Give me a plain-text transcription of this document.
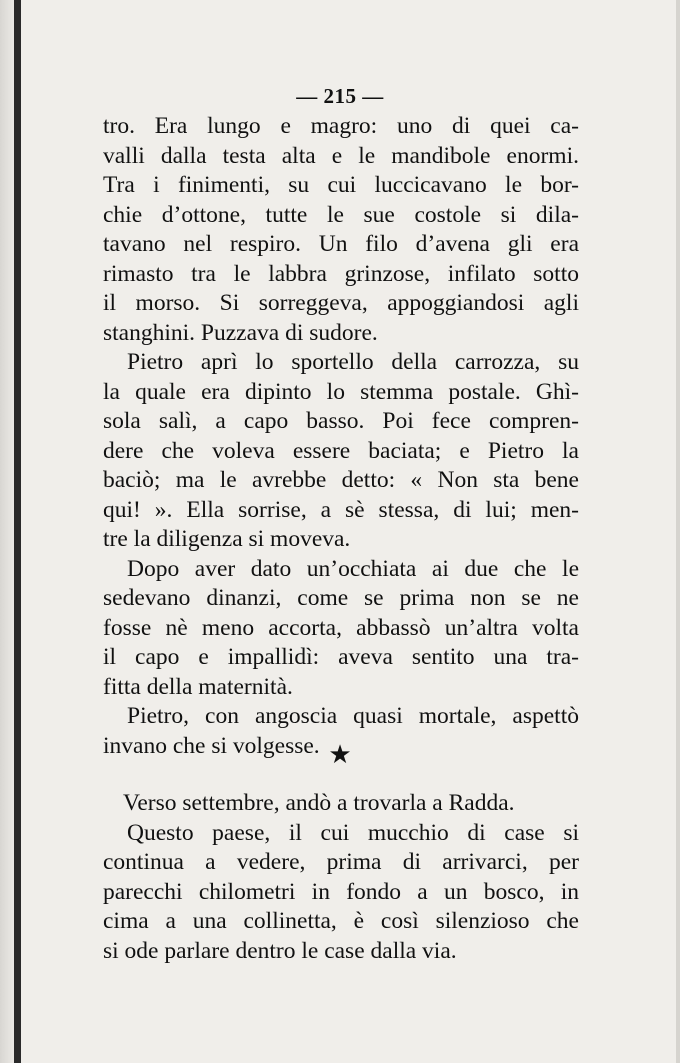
— 215 —
tro. Era lungo e magro: uno di quei ca-
valli dalla testa alta e le mandibole enormi.
Tra i finimenti, su cui luccicavano le bor-
chie d’ottone, tutte le sue costole si dila-
tavano nel respiro. Un filo d’avena gli era
rimasto tra le labbra grinzose, infilato sotto
il morso. Si sorreggeva, appoggiandosi agli
stanghini. Puzzava di sudore.
Pietro aprì lo sportello della carrozza, su
la quale era dipinto lo stemma postale. Ghì-
sola salì, a capo basso. Poi fece compren-
dere che voleva essere baciata; e Pietro la
baciò; ma le avrebbe detto: « Non sta bene
qui! ». Ella sorrise, a sè stessa, di lui; men-
tre la diligenza si moveva.
Dopo aver dato un’occhiata ai due che le
sedevano dinanzi, come se prima non se ne
fosse nè meno accorta, abbassò un’altra volta
il capo e impallidì: aveva sentito una tra-
fitta della maternità.
Pietro, con angoscia quasi mortale, aspettò
invano che si volgesse. ★
Verso settembre, andò a trovarla a Radda.
Questo paese, il cui mucchio di case si
continua a vedere, prima di arrivarci, per
parecchi chilometri in fondo a un bosco, in
cima a una collinetta, è così silenzioso che
si ode parlare dentro le case dalla via.
